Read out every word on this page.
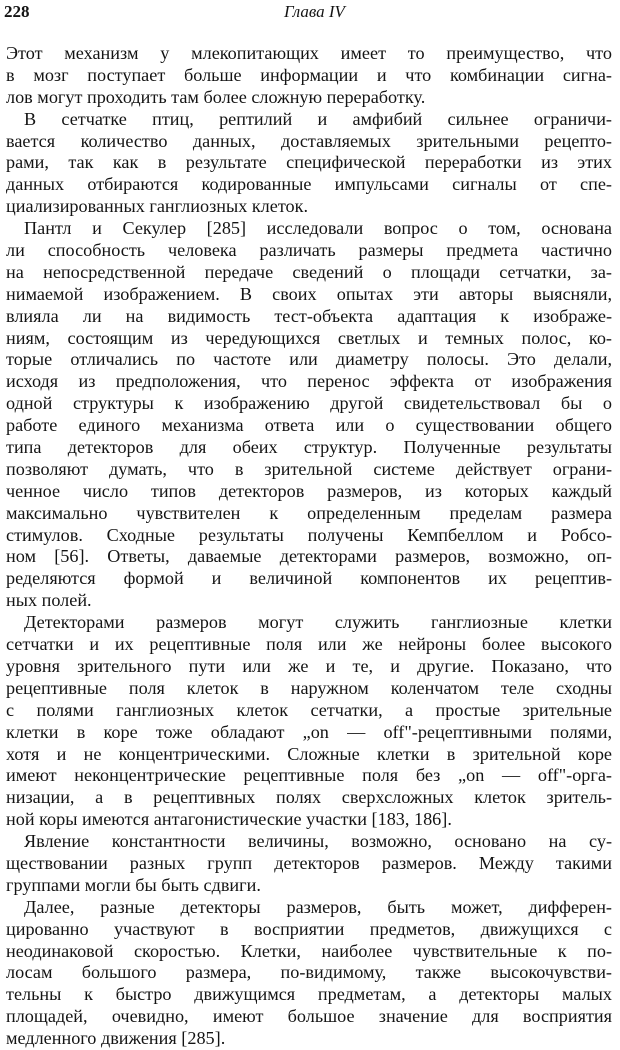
228	Глава IV
Этот механизм у млекопитающих имеет то преимущество, что
в мозг поступает больше информации и что комбинации сигна-
лов могут проходить там более сложную переработку.
В сетчатке птиц, рептилий и амфибий сильнее ограничи-
вается количество данных, доставляемых зрительными рецепто-
рами, так как в результате специфической переработки из этих
данных отбираются кодированные импульсами сигналы от спе-
циализированных ганглиозных клеток.
Пантл и Секулер [285] исследовали вопрос о том, основана
ли способность человека различать размеры предмета частично
на непосредственной передаче сведений о площади сетчатки, за-
нимаемой изображением. В своих опытах эти авторы выясняли,
влияла ли на видимость тест-объекта адаптация к изображе-
ниям, состоящим из чередующихся светлых и темных полос, ко-
торые отличались по частоте или диаметру полосы. Это делали,
исходя из предположения, что перенос эффекта от изображения
одной структуры к изображению другой свидетельствовал бы о
работе единого механизма ответа или о существовании общего
типа детекторов для обеих структур. Полученные результаты
позволяют думать, что в зрительной системе действует ограни-
ченное число типов детекторов размеров, из которых каждый
максимально чувствителен к определенным пределам размера
стимулов. Сходные результаты получены Кемпбеллом и Робсо-
ном [56]. Ответы, даваемые детекторами размеров, возможно, оп-
ределяются формой и величиной компонентов их рецептив-
ных полей.
Детекторами размеров могут служить ганглиозные клетки
сетчатки и их рецептивные поля или же нейроны более высокого
уровня зрительного пути или же и те, и другие. Показано, что
рецептивные поля клеток в наружном коленчатом теле сходны
с полями ганглиозных клеток сетчатки, а простые зрительные
клетки в коре тоже обладают „on — off"-рецептивными полями,
хотя и не концентрическими. Сложные клетки в зрительной коре
имеют неконцентрические рецептивные поля без „on — off"-орга-
низации, а в рецептивных полях сверхсложных клеток зритель-
ной коры имеются антагонистические участки [183, 186].
Явление константности величины, возможно, основано на су-
ществовании разных групп детекторов размеров. Между такими
группами могли бы быть сдвиги.
Далее, разные детекторы размеров, быть может, дифферен-
цированно участвуют в восприятии предметов, движущихся с
неодинаковой скоростью. Клетки, наиболее чувствительные к по-
лосам большого размера, по-видимому, также высокочувстви-
тельны к быстро движущимся предметам, а детекторы малых
площадей, очевидно, имеют большое значение для восприятия
медленного движения [285].
